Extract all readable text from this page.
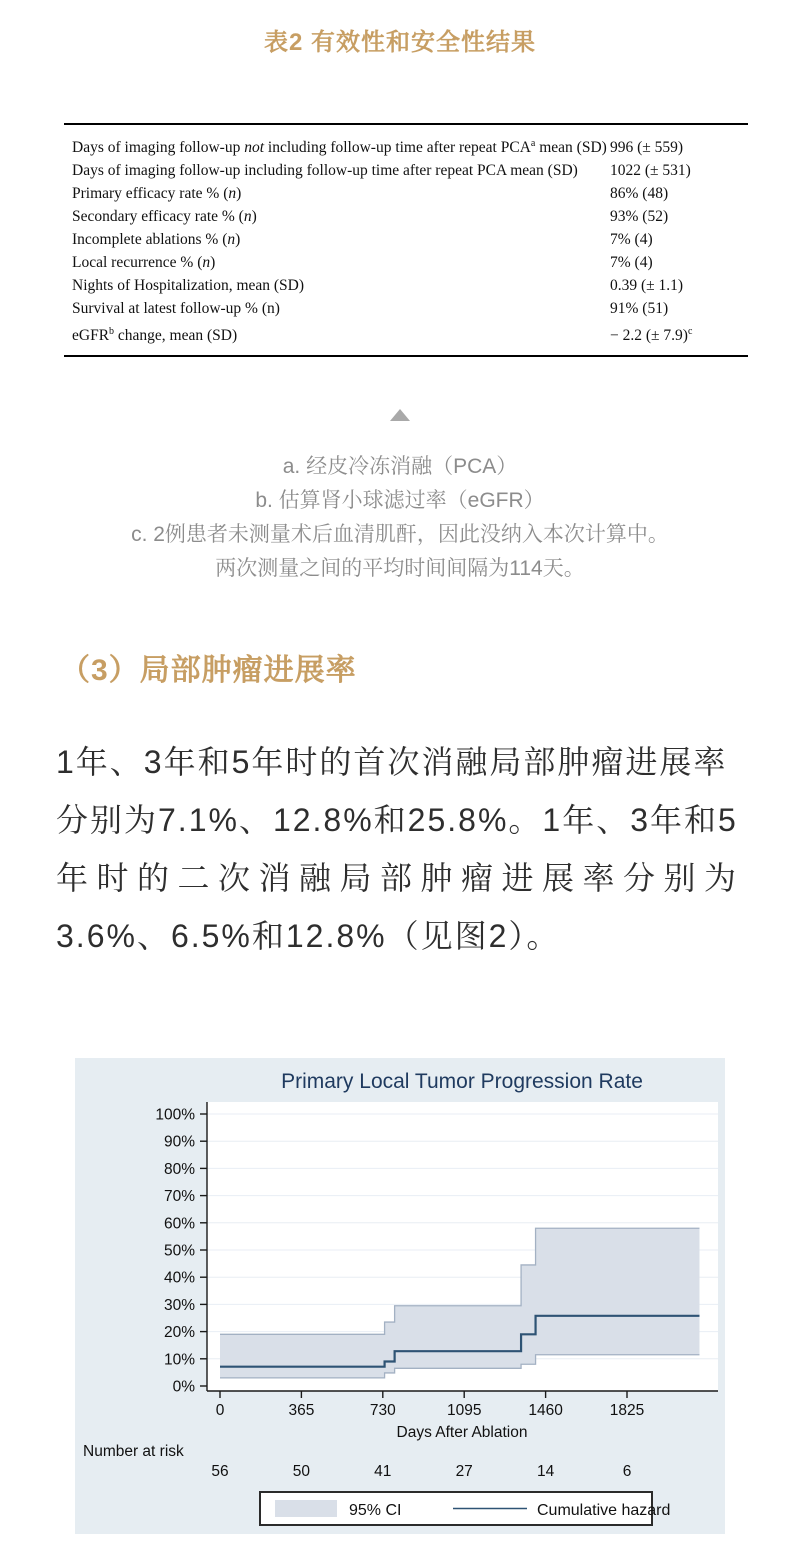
表2 有效性和安全性结果
Days of imaging follow-up not including follow-up time after repeat PCA$^a$ mean (SD) 996 (± 559)
Days of imaging follow-up including follow-up time after repeat PCA mean (SD)	1022 (± 531)
Primary efficacy rate % (n)	86% (48)
Secondary efficacy rate % (n)	93% (52)
Incomplete ablations % (n)	7% (4)
Local recurrence % (n)	7% (4)
Nights of Hospitalization, mean (SD)	0.39 (± 1.1)
Survival at latest follow-up % (n)	91% (51)
eGFR$^b$ change, mean (SD)	− 2.2 (± 7.9)$^c$
a. 经皮冷冻消融（PCA）
b. 估算肾小球滤过率（eGFR）
c. 2例患者未测量术后血清肌酐，因此没纳入本次计算中。
两次测量之间的平均时间间隔为114天。
（3）局部肿瘤进展率
1年、3年和5年时的首次消融局部肿瘤进展率
分别为7.1%、12.8%和25.8%。1年、3年和5
年时的二次消融局部肿瘤进展率分别为
3.6%、6.5%和12.8%（见图2）。
0%
10%
20%
30%
40%
50%
60%
70%
80%
90%
100%
0
56
365
50
730
41
1095
27
1460
14
1825
6
Days After Ablation
Number at risk
Primary Local Tumor Progression Rate
95% CI	Cumulative hazard
